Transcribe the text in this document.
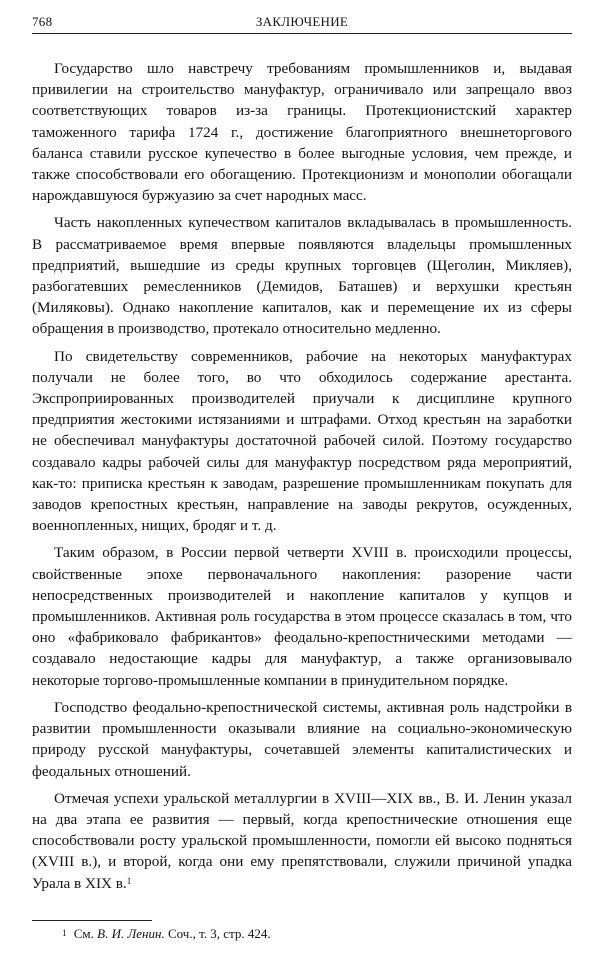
768	ЗАКЛЮЧЕНИЕ

Государство шло навстречу требованиям промышленников и, выдавая привилегии на строительство мануфактур, ограничивало или запрещало ввоз соответствующих товаров из-за границы. Протекционистский характер таможенного тарифа 1724 г., достижение благоприятного внешнеторгового баланса ставили русское купечество в более выгодные условия, чем прежде, и также способствовали его обогащению. Протекционизм и монополии обогащали нарождавшуюся буржуазию за счет народных масс.

Часть накопленных купечеством капиталов вкладывалась в промышленность. В рассматриваемое время впервые появляются владельцы промышленных предприятий, вышедшие из среды крупных торговцев (Щеголин, Микляев), разбогатевших ремесленников (Демидов, Баташев) и верхушки крестьян (Миляковы). Однако накопление капиталов, как и перемещение их из сферы обращения в производство, протекало относительно медленно.

По свидетельству современников, рабочие на некоторых мануфактурах получали не более того, во что обходилось содержание арестанта. Экспроприированных производителей приучали к дисциплине крупного предприятия жестокими истязаниями и штрафами. Отход крестьян на заработки не обеспечивал мануфактуры достаточной рабочей силой. Поэтому государство создавало кадры рабочей силы для мануфактур посредством ряда мероприятий, как-то: приписка крестьян к заводам, разрешение промышленникам покупать для заводов крепостных крестьян, направление на заводы рекрутов, осужденных, военнопленных, нищих, бродяг и т. д.

Таким образом, в России первой четверти XVIII в. происходили процессы, свойственные эпохе первоначального накопления: разорение части непосредственных производителей и накопление капиталов у купцов и промышленников. Активная роль государства в этом процессе сказалась в том, что оно «фабриковало фабрикантов» феодально-крепостническими методами — создавало недостающие кадры для мануфактур, а также организовывало некоторые торгово-промышленные компании в принудительном порядке.

Господство феодально-крепостнической системы, активная роль надстройки в развитии промышленности оказывали влияние на социально-экономическую природу русской мануфактуры, сочетавшей элементы капиталистических и феодальных отношений.

Отмечая успехи уральской металлургии в XVIII—XIX вв., В. И. Ленин указал на два этапа ее развития — первый, когда крепостнические отношения еще способствовали росту уральской промышленности, помогли ей высоко подняться (XVIII в.), и второй, когда они ему препятствовали, служили причиной упадка Урала в XIX в.$^1$

$^1$ См. В. И. Ленин. Соч., т. 3, стр. 424.
